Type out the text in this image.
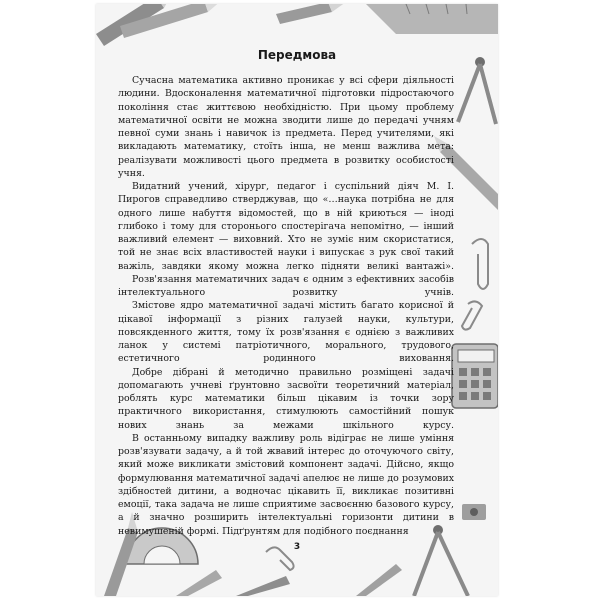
Передмова

Сучасна математика активно проникає у всі сфери діяльності людини. Вдосконалення математичної підготовки підростаючого покоління стає життєвою необхідністю. При цьому проблему математичної освіти не можна зводити лише до передачі учням певної суми знань і навичок із предмета. Перед учителями, які викладають математику, стоїть інша, не менш важлива мета: реалізувати можливості цього предмета в розвитку особистості учня.

Видатний учений, хірург, педагог і суспільний діяч М. І. Пирогов справедливо стверджував, що «…наука потрібна не для одного лише набуття відомостей, що в ній криються — іноді глибоко і тому для сторонього спостерігача непомітно, — інший важливий елемент — виховний. Хто не зуміє ним скористатися, той не знає всіх властивостей науки і випускає з рук свої такий важіль, завдяки якому можна легко підняти великі вантажі».

Розв'язання математичних задач є одним з ефективних засобів інтелектуального розвитку учнів.

Змістове ядро математичної задачі містить багато корисної й цікавої інформації з різних галузей науки, культури, повсякденного життя, тому їх розв'язання є однією з важливих ланок у системі патріотичного, морального, трудового, естетичного родинного виховання.

Добре дібрані й методично правильно розміщені задачі допомагають учневі ґрунтовно засвоїти теоретичний матеріал, роблять курс математики більш цікавим із точки зору практичного використання, стимулюють самостійний пошук нових знань за межами шкільного курсу.

В останньому випадку важливу роль відіграє не лише уміння розв'язувати задачу, а й той жвавий інтерес до оточуючого світу, який може викликати змістовий компонент задачі. Дійсно, якщо формулювання математичної задачі апелює не лише до розумових здібностей дитини, а водночас цікавить її, викликає позитивні емоції, така задача не лише сприятиме засвоєнню базового курсу, а й значно розширить інтелектуальні горизонти дитини в невимушеній формі. Підґрунтям для подібного поєднання

3
